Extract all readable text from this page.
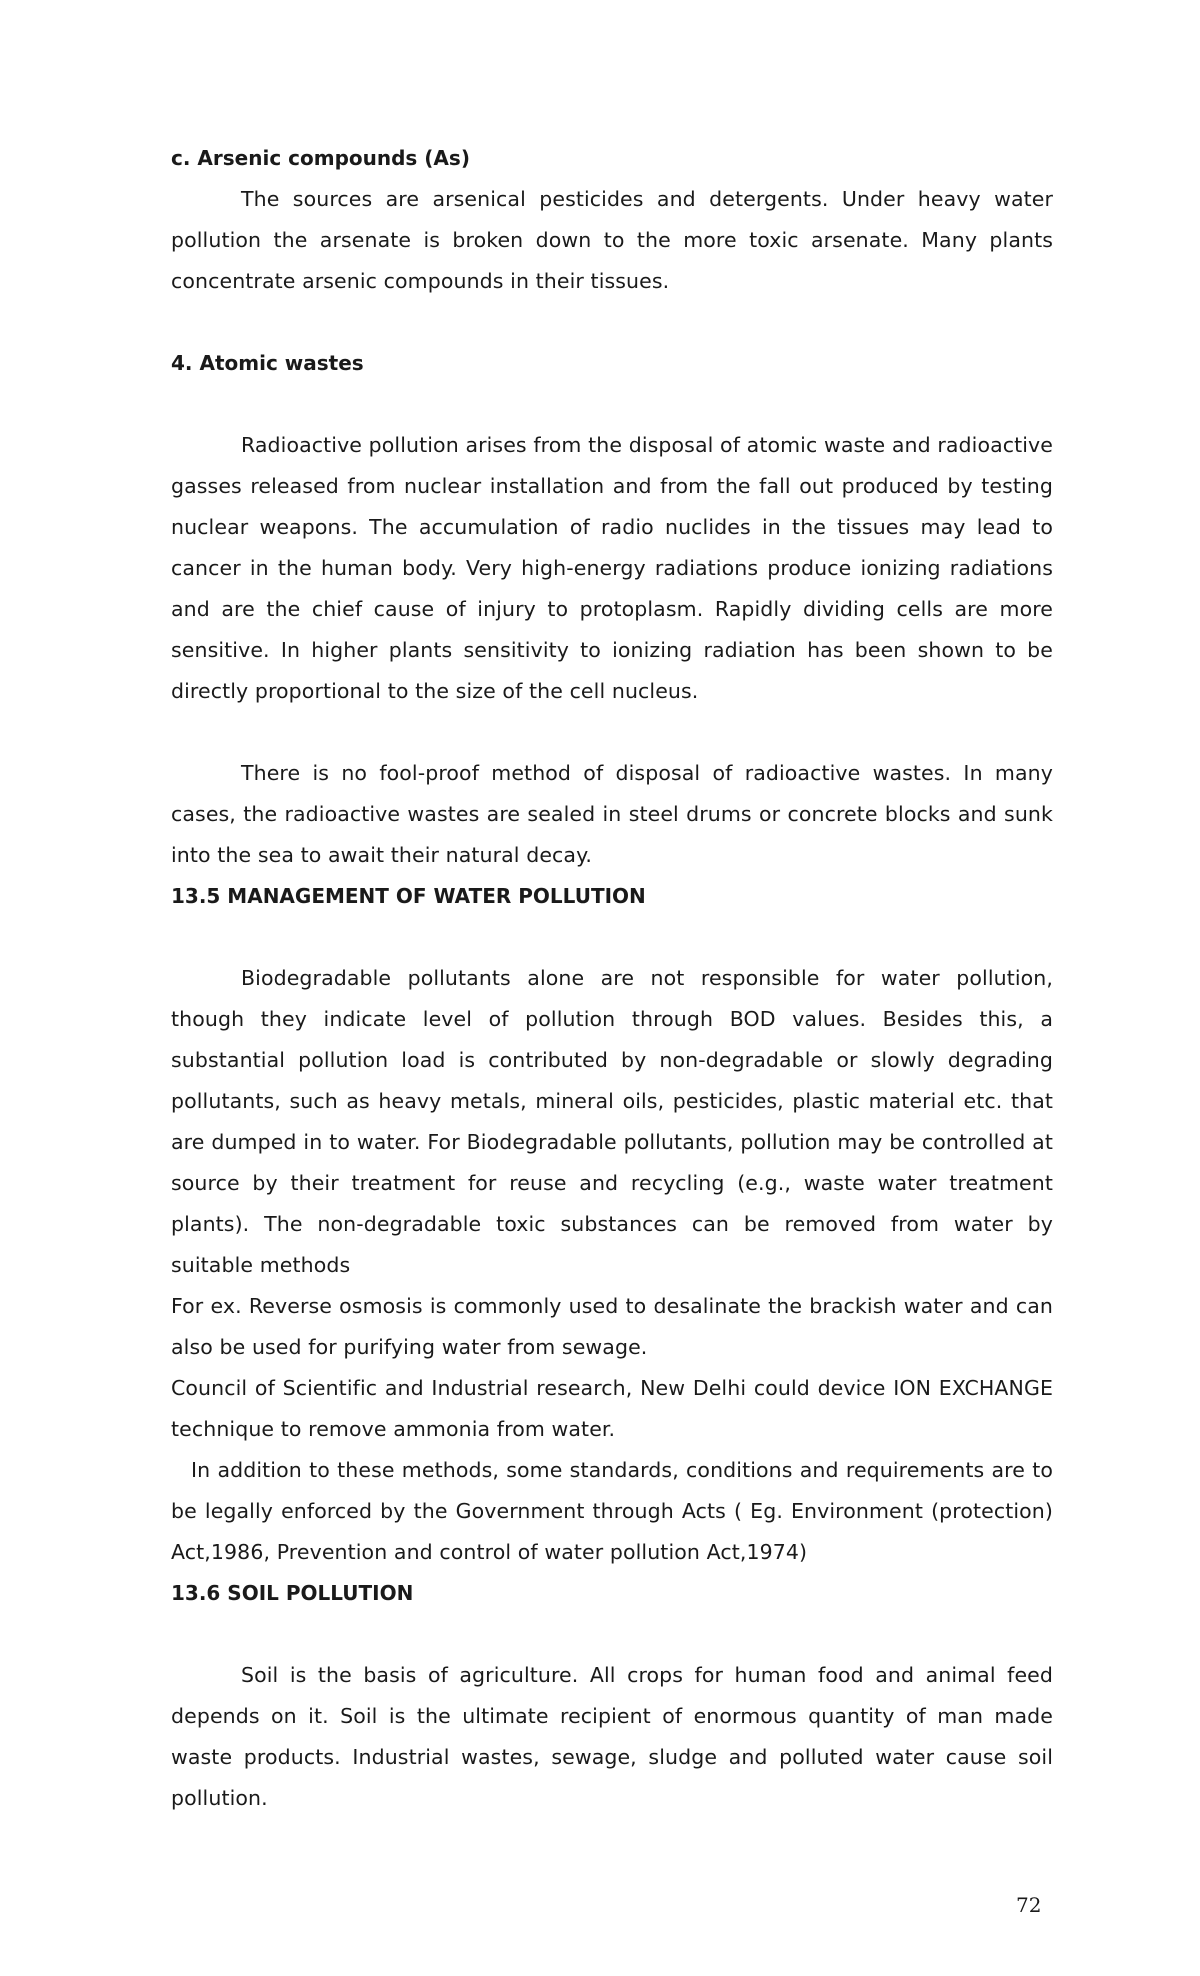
c. Arsenic compounds (As)

The sources are arsenical pesticides and detergents. Under heavy water pollution the arsenate is broken down to the more toxic arsenate. Many plants concentrate arsenic compounds in their tissues.

4. Atomic wastes

Radioactive pollution arises from the disposal of atomic waste and radioactive gasses released from nuclear installation and from the fall out produced by testing nuclear weapons. The accumulation of radio nuclides in the tissues may lead to cancer in the human body. Very high-energy radiations produce ionizing radiations and are the chief cause of injury to protoplasm. Rapidly dividing cells are more sensitive. In higher plants sensitivity to ionizing radiation has been shown to be directly proportional to the size of the cell nucleus.

There is no fool-proof method of disposal of radioactive wastes. In many cases, the radioactive wastes are sealed in steel drums or concrete blocks and sunk into the sea to await their natural decay.

13.5 MANAGEMENT OF WATER POLLUTION

Biodegradable pollutants alone are not responsible for water pollution, though they indicate level of pollution through BOD values. Besides this, a substantial pollution load is contributed by non-degradable or slowly degrading pollutants, such as heavy metals, mineral oils, pesticides, plastic material etc. that are dumped in to water. For Biodegradable pollutants, pollution may be controlled at source by their treatment for reuse and recycling (e.g., waste water treatment plants). The non-degradable toxic substances can be removed from water by suitable methods

For ex. Reverse osmosis is commonly used to desalinate the brackish water and can also be used for purifying water from sewage.

Council of Scientific and Industrial research, New Delhi could device ION EXCHANGE technique to remove ammonia from water.

In addition to these methods, some standards, conditions and requirements are to be legally enforced by the Government through Acts ( Eg. Environment (protection) Act,1986, Prevention and control of water pollution Act,1974)

13.6 SOIL POLLUTION

Soil is the basis of agriculture. All crops for human food and animal feed depends on it. Soil is the ultimate recipient of enormous quantity of man made waste products. Industrial wastes, sewage, sludge and polluted water cause soil pollution.

72
